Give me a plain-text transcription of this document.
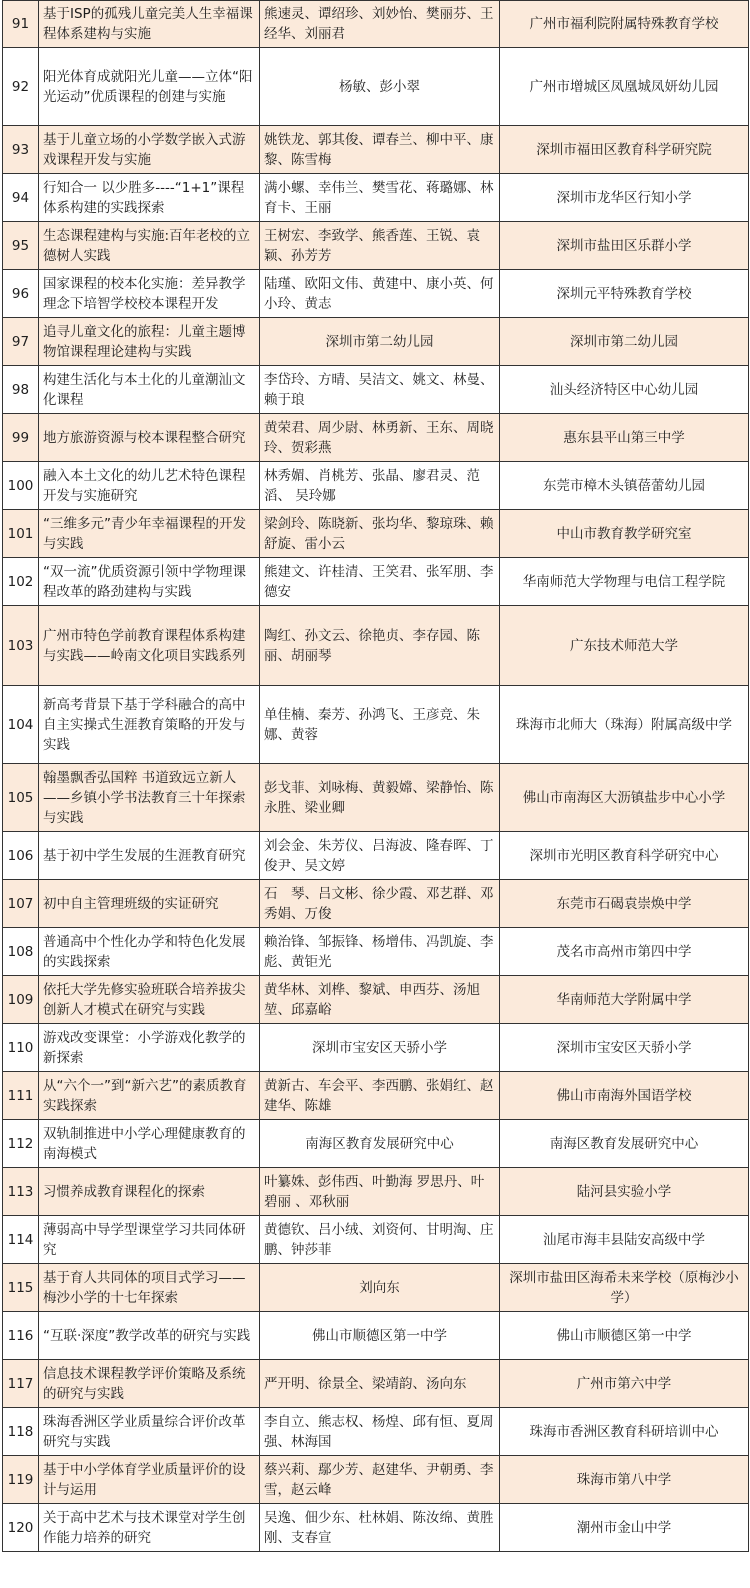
91	基于ISP的孤残儿童完美人生幸福课程体系建构与实施	熊速灵、谭绍珍、刘妙怡、樊丽芬、王经华、刘丽君	广州市福利院附属特殊教育学校
92	阳光体育成就阳光儿童——立体“阳光运动”优质课程的创建与实施	杨敏、彭小翠	广州市增城区凤凰城凤妍幼儿园
93	基于儿童立场的小学数学嵌入式游戏课程开发与实施	姚铁龙、郭其俊、谭春兰、柳中平、康黎、陈雪梅	深圳市福田区教育科学研究院
94	行知合一 以少胜多----“1+1”课程体系构建的实践探索	满小螺、幸伟兰、樊雪花、蒋璐娜、林育卡、王丽	深圳市龙华区行知小学
95	生态课程建构与实施:百年老校的立德树人实践	王树宏、李致学、熊香莲、王锐、袁颖、孙芳芳	深圳市盐田区乐群小学
96	国家课程的校本化实施：差异教学理念下培智学校校本课程开发	陆瑾、欧阳文伟、黄建中、康小英、何小玲、黄志	深圳元平特殊教育学校
97	追寻儿童文化的旅程：儿童主题博物馆课程理论建构与实践	深圳市第二幼儿园	深圳市第二幼儿园
98	构建生活化与本土化的儿童潮汕文化课程	李岱玲、方晴、吴洁文、姚文、林曼、赖于琅	汕头经济特区中心幼儿园
99	地方旅游资源与校本课程整合研究	黄荣君、周少尉、林勇新、王东、周晓玲、贺彩燕	惠东县平山第三中学
100	融入本土文化的幼儿艺术特色课程开发与实施研究	林秀媚、肖桃芳、张晶、廖君灵、范滔、 吴玲娜	东莞市樟木头镇蓓蕾幼儿园
101	“三维多元”青少年幸福课程的开发与实践	梁剑玲、陈晓新、张均华、黎琼珠、赖舒旋、雷小云	中山市教育教学研究室
102	“双一流”优质资源引领中学物理课程改革的路劲建构与实践	熊建文、许桂清、王笑君、张军朋、李德安	华南师范大学物理与电信工程学院
103	广州市特色学前教育课程体系构建与实践——岭南文化项目实践系列	陶红、孙文云、徐艳贞、李存园、陈丽、胡丽琴	广东技术师范大学
104	新高考背景下基于学科融合的高中自主实操式生涯教育策略的开发与实践	单佳楠、秦芳、孙鸿飞、王彦竞、朱娜、黄蓉	珠海市北师大（珠海）附属高级中学
105	翰墨飘香弘国粹 书道致远立新人——乡镇小学书法教育三十年探索与实践	彭戈菲、刘咏梅、黄毅嫦、梁静怡、陈永胜、梁业卿	佛山市南海区大沥镇盐步中心小学
106	基于初中学生发展的生涯教育研究	刘会金、朱芳仪、吕海波、隆春晖、丁俊尹、吴文婷	深圳市光明区教育科学研究中心
107	初中自主管理班级的实证研究	石　琴、吕文彬、徐少霞、邓艺群、邓秀娟、万俊	东莞市石碣袁崇焕中学
108	普通高中个性化办学和特色化发展的实践探索	赖治锋、邹振锋、杨增伟、冯凯旋、李彪、黄钜光	茂名市高州市第四中学
109	依托大学先修实验班联合培养拔尖创新人才模式在研究与实践	黄华林、刘桦、黎斌、申西芬、汤旭堃、邱嘉峪	华南师范大学附属中学
110	游戏改变课堂：小学游戏化教学的新探索	深圳市宝安区天骄小学	深圳市宝安区天骄小学
111	从“六个一”到“新六艺”的素质教育实践探索	黄新古、车会平、李西鹏、张娟红、赵建华、陈雄	佛山市南海外国语学校
112	双轨制推进中小学心理健康教育的南海模式	南海区教育发展研究中心	南海区教育发展研究中心
113	习惯养成教育课程化的探索	叶纂姝、彭伟西、叶勤海 罗思丹、叶碧丽 、邓秋丽	陆河县实验小学
114	薄弱高中导学型课堂学习共同体研究	黄德钦、吕小绒、刘资何、甘明淘、庄鹏、钟莎菲	汕尾市海丰县陆安高级中学
115	基于育人共同体的项目式学习——梅沙小学的十七年探索	刘向东	深圳市盐田区海希未来学校（原梅沙小学）
116	“互联·深度”教学改革的研究与实践	佛山市顺德区第一中学	佛山市顺德区第一中学
117	信息技术课程教学评价策略及系统的研究与实践	严开明、徐景全、梁靖韵、汤向东	广州市第六中学
118	珠海香洲区学业质量综合评价改革研究与实践	李自立、熊志权、杨煌、邱有恒、夏周强、林海国	珠海市香洲区教育科研培训中心
119	基于中小学体育学业质量评价的设计与运用	蔡兴莉、鄢少芳、赵建华、尹朝勇、李雪，赵云峰	珠海市第八中学
120	关于高中艺术与技术课堂对学生创作能力培养的研究	吴逸、佃少东、杜林娟、陈汝绵、黄胜刚、支春宣	潮州市金山中学
